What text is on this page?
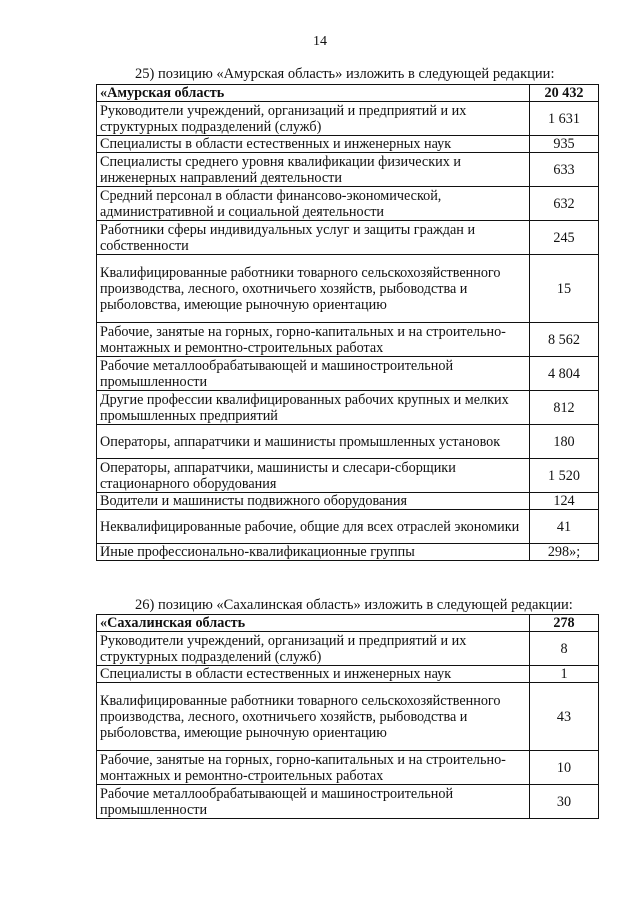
14
25) позицию «Амурская область» изложить в следующей редакции:
«Амурская область	20 432
Руководители учреждений, организаций и предприятий и их структурных подразделений (служб)	1 631
Специалисты в области естественных и инженерных наук	935
Специалисты среднего уровня квалификации физических и инженерных направлений деятельности	633
Средний персонал в области финансово-экономической, административной и социальной деятельности	632
Работники сферы индивидуальных услуг и защиты граждан и собственности	245
Квалифицированные работники товарного сельскохозяйственного производства, лесного, охотничьего хозяйств, рыбоводства и рыболовства, имеющие рыночную ориентацию	15
Рабочие, занятые на горных, горно-капитальных и на строительно-монтажных и ремонтно-строительных работах	8 562
Рабочие металлообрабатывающей и машиностроительной промышленности	4 804
Другие профессии квалифицированных рабочих крупных и мелких промышленных предприятий	812
Операторы, аппаратчики и машинисты промышленных установок	180
Операторы, аппаратчики, машинисты и слесари-сборщики стационарного оборудования	1 520
Водители и машинисты подвижного оборудования	124
Неквалифицированные рабочие, общие для всех отраслей экономики	41
Иные профессионально-квалификационные группы	298»;
26) позицию «Сахалинская область» изложить в следующей редакции:
«Сахалинская область	278
Руководители учреждений, организаций и предприятий и их структурных подразделений (служб)	8
Специалисты в области естественных и инженерных наук	1
Квалифицированные работники товарного сельскохозяйственного производства, лесного, охотничьего хозяйств, рыбоводства и рыболовства, имеющие рыночную ориентацию	43
Рабочие, занятые на горных, горно-капитальных и на строительно-монтажных и ремонтно-строительных работах	10
Рабочие металлообрабатывающей и машиностроительной промышленности	30
